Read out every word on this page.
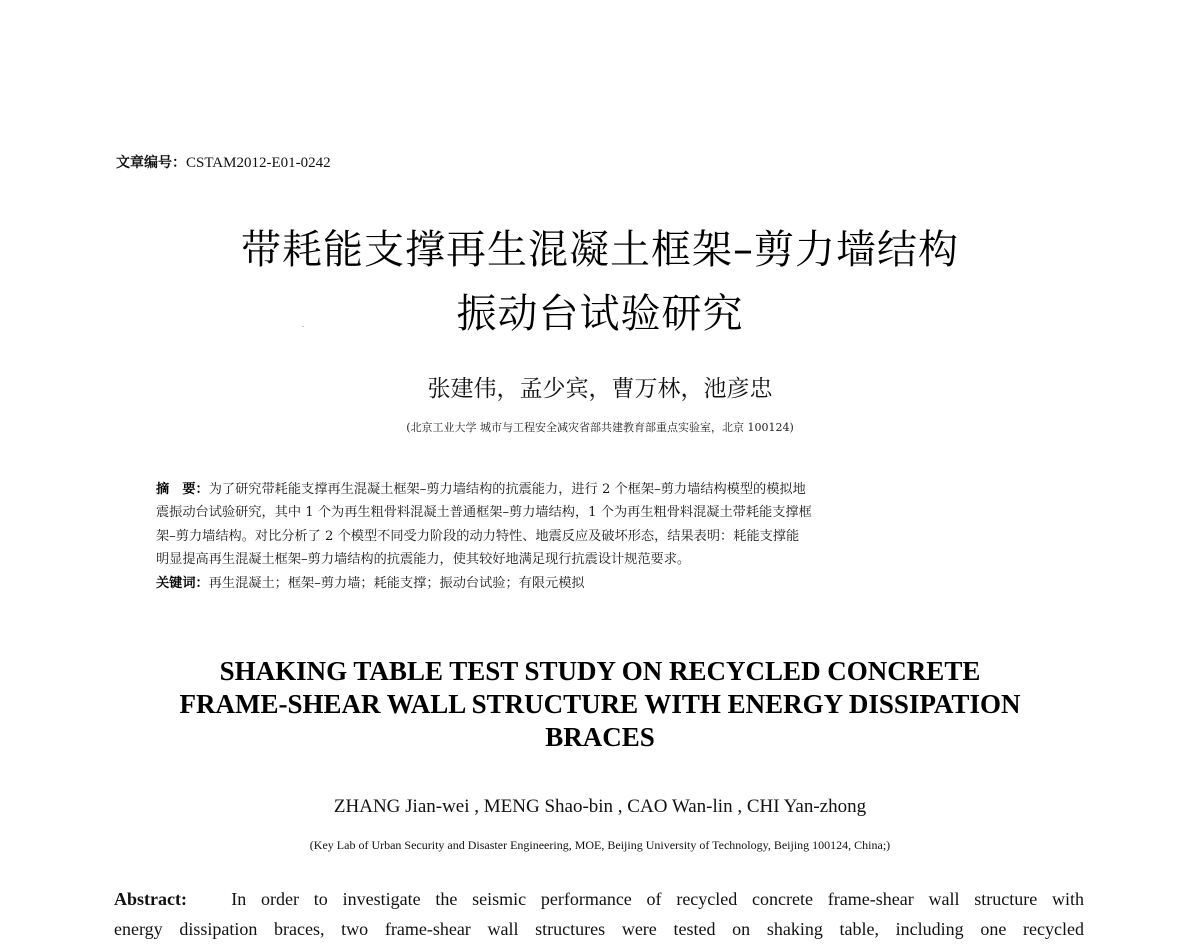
文章编号：CSTAM2012-E01-0242
带耗能支撑再生混凝土框架–剪力墙结构
振动台试验研究
张建伟，孟少宾，曹万林，池彦忠
(北京工业大学 城市与工程安全减灾省部共建教育部重点实验室，北京 100124)
摘　要：为了研究带耗能支撑再生混凝土框架–剪力墙结构的抗震能力，进行 2 个框架–剪力墙结构模型的模拟地
震振动台试验研究，其中 1 个为再生粗骨料混凝土普通框架–剪力墙结构，1 个为再生粗骨料混凝土带耗能支撑框
架–剪力墙结构。对比分析了 2 个模型不同受力阶段的动力特性、地震反应及破坏形态，结果表明：耗能支撑能
明显提高再生混凝土框架–剪力墙结构的抗震能力，使其较好地满足现行抗震设计规范要求。
关键词：再生混凝土；框架–剪力墙；耗能支撑；振动台试验；有限元模拟
SHAKING TABLE TEST STUDY ON RECYCLED CONCRETE
FRAME-SHEAR WALL STRUCTURE WITH ENERGY DISSIPATION
BRACES
ZHANG Jian-wei , MENG Shao-bin , CAO Wan-lin , CHI Yan-zhong
(Key Lab of Urban Security and Disaster Engineering, MOE, Beijing University of Technology, Beijing 100124, China;)
Abstract: In order to investigate the seismic performance of recycled concrete frame-shear wall structure with
energy dissipation braces, two frame-shear wall structures were tested on shaking table, including one recycled
